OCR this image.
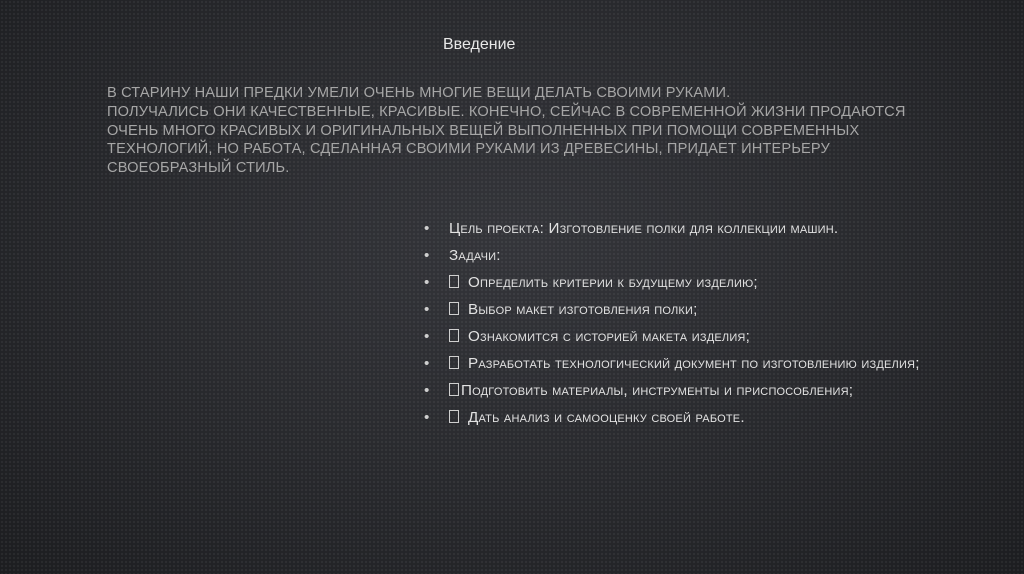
Введение
В СТАРИНУ НАШИ ПРЕДКИ УМЕЛИ ОЧЕНЬ МНОГИЕ ВЕЩИ ДЕЛАТЬ СВОИМИ РУКАМИ.
ПОЛУЧАЛИСЬ ОНИ КАЧЕСТВЕННЫЕ, КРАСИВЫЕ. КОНЕЧНО, СЕЙЧАС В СОВРЕМЕННОЙ ЖИЗНИ ПРОДАЮТСЯ
ОЧЕНЬ МНОГО КРАСИВЫХ И ОРИГИНАЛЬНЫХ ВЕЩЕЙ ВЫПОЛНЕННЫХ ПРИ ПОМОЩИ СОВРЕМЕННЫХ
ТЕХНОЛОГИЙ, НО РАБОТА, СДЕЛАННАЯ СВОИМИ РУКАМИ ИЗ ДРЕВЕСИНЫ, ПРИДАЕТ ИНТЕРЬЕРУ
СВОЕОБРАЗНЫЙ СТИЛЬ.
• Цель проекта: Изготовление полки для коллекции машин.
• Задачи:
•	Определить критерии к будущему изделию;
•	Выбор макет изготовления полки;
•	Ознакомится с историей макета изделия;
•	Разработать технологический документ по изготовлению изделия;
• Подготовить материалы, инструменты и приспособления;
•	Дать анализ и самооценку своей работе.
